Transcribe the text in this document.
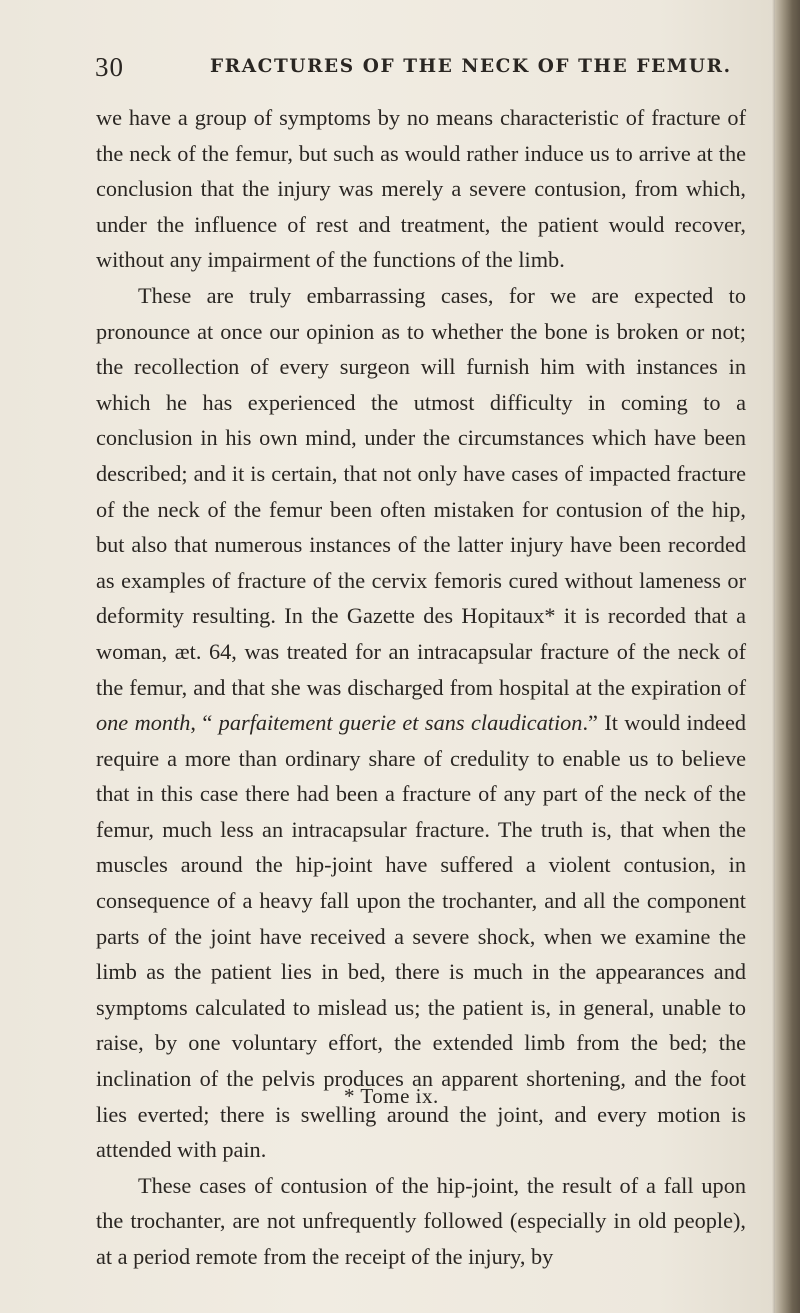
30	FRACTURES OF THE NECK OF THE FEMUR.

we have a group of symptoms by no means characteristic of fracture of the neck of the femur, but such as would rather induce us to arrive at the conclusion that the injury was merely a severe contusion, from which, under the influence of rest and treatment, the patient would recover, without any impairment of the functions of the limb.

These are truly embarrassing cases, for we are expected to pronounce at once our opinion as to whether the bone is broken or not; the recollection of every surgeon will furnish him with instances in which he has experienced the utmost difficulty in coming to a conclusion in his own mind, under the circumstances which have been described; and it is certain, that not only have cases of impacted fracture of the neck of the femur been often mistaken for contusion of the hip, but also that numerous instances of the latter injury have been recorded as examples of fracture of the cervix femoris cured without lameness or deformity resulting. In the Gazette des Hopitaux* it is recorded that a woman, æt. 64, was treated for an intracapsular fracture of the neck of the femur, and that she was discharged from hospital at the expiration of one month, “ parfaitement guerie et sans claudication.” It would indeed require a more than ordinary share of credulity to enable us to believe that in this case there had been a fracture of any part of the neck of the femur, much less an intracapsular fracture. The truth is, that when the muscles around the hip-joint have suffered a violent contusion, in consequence of a heavy fall upon the trochanter, and all the component parts of the joint have received a severe shock, when we examine the limb as the patient lies in bed, there is much in the appearances and symptoms calculated to mislead us; the patient is, in general, unable to raise, by one voluntary effort, the extended limb from the bed; the inclination of the pelvis produces an apparent shortening, and the foot lies everted; there is swelling around the joint, and every motion is attended with pain.

These cases of contusion of the hip-joint, the result of a fall upon the trochanter, are not unfrequently followed (especially in old people), at a period remote from the receipt of the injury, by

* Tome ix.
